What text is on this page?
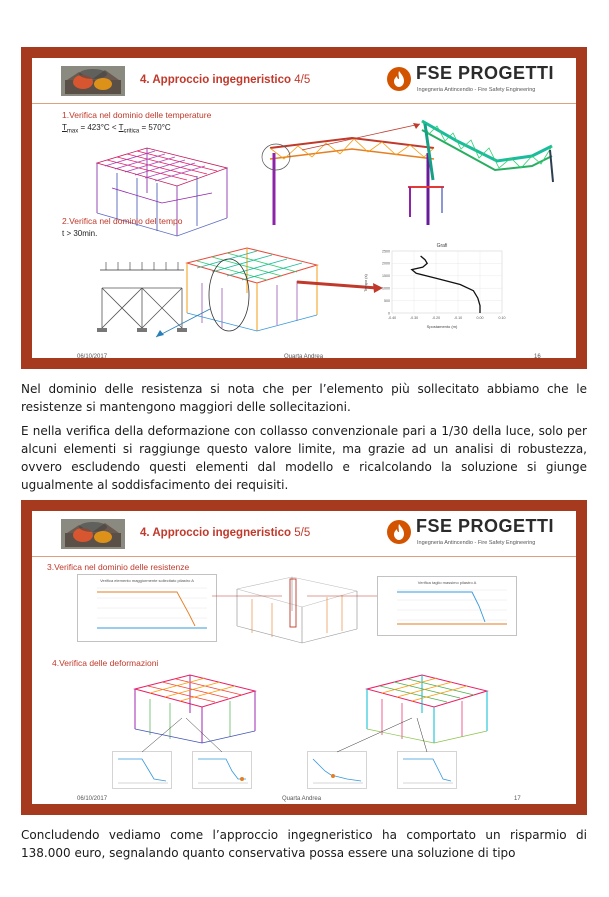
4. Approccio ingegneristico 4/5	FSE PROGETTI
Ingegneria Antincendio - Fire Safety Engineering
1.Verifica nel dominio delle temperature
$T_{max} = 423^\circ C < T_{critica} = 570^\circ C$
2.Verifica nel dominio del tempo
t > 30min.
Grafi
-0.40	-0.30	-0.20	-0.10	0.00	0.10
2500
2000
1500
1000
500
0
Spostamento (m)
Tempo (s)
06/10/2017	Quarta Andrea	16
Nel dominio delle resistenza si nota che per l’elemento più sollecitato abbiamo che le resistenze si mantengono maggiori delle sollecitazioni.
E nella verifica della deformazione con collasso convenzionale pari a 1/30 della luce, solo per alcuni elementi si raggiunge questo valore limite, ma grazie ad un analisi di robustezza, ovvero escludendo questi elementi dal modello e ricalcolando la soluzione si giunge ugualmente al soddisfacimento dei requisiti.
4. Approccio ingegneristico 5/5	FSE PROGETTI
Ingegneria Antincendio - Fire Safety Engineering
3.Verifica nel dominio delle resistenze
Verifica elemento maggiormente sollecitato pilastro A	Verifica taglio massimo pilastro A
4.Verifica delle deformazioni
06/10/2017	Quarta Andrea	17
Concludendo vediamo come l’approccio ingegneristico ha comportato un risparmio di 138.000 euro, segnalando quanto conservativa possa essere una soluzione di tipo
